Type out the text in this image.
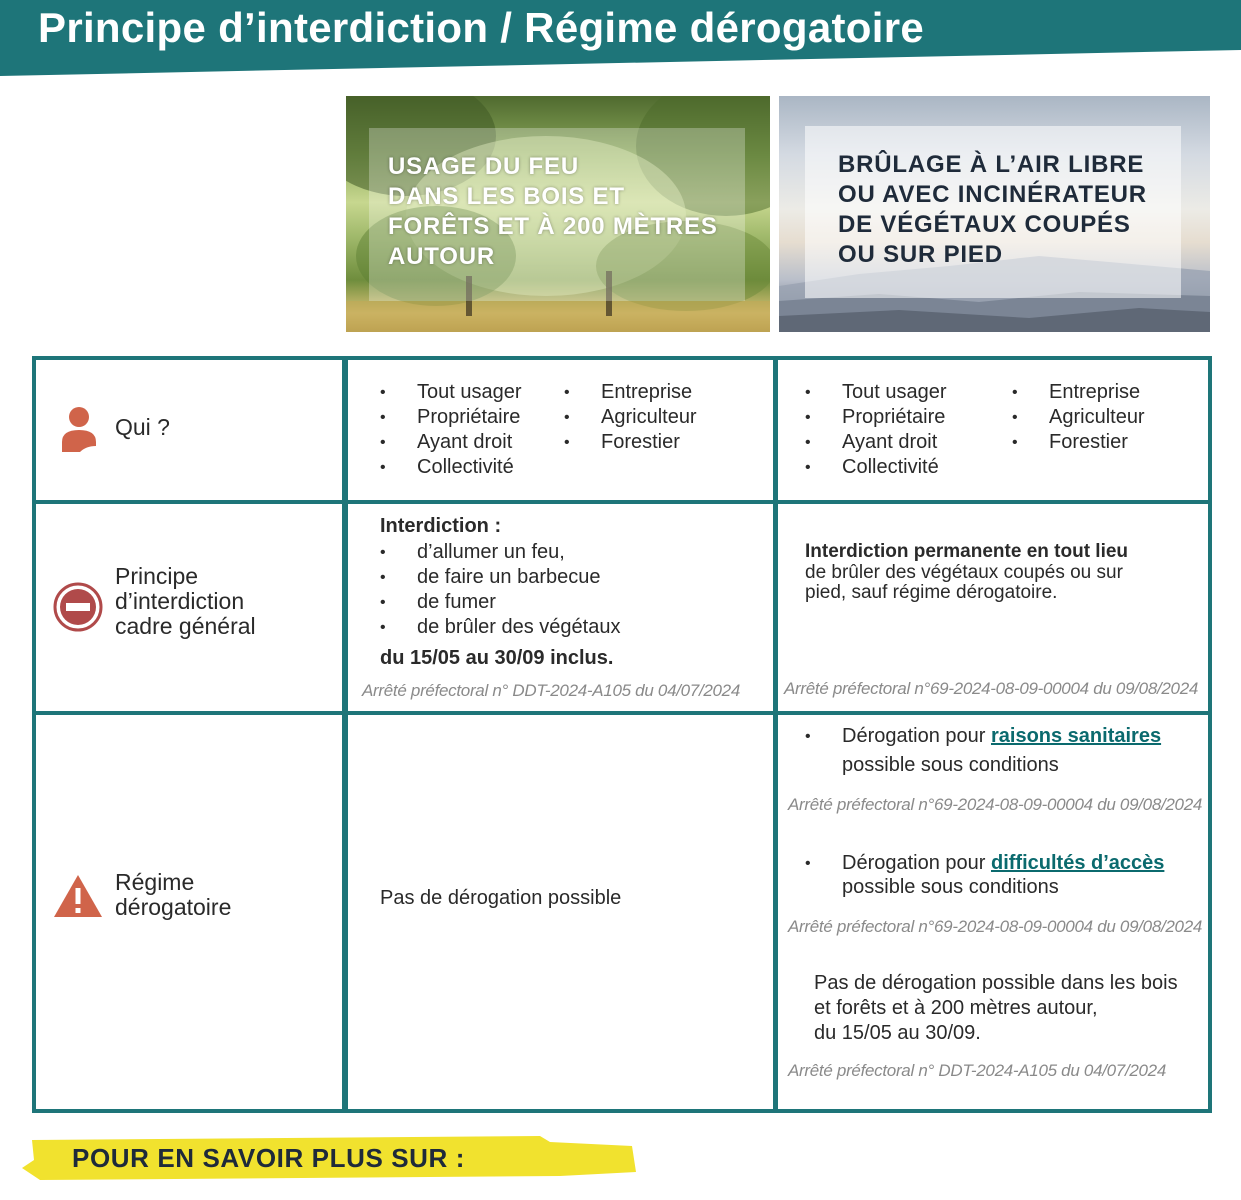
Principe d’interdiction / Régime dérogatoire
USAGE DU FEU
DANS LES BOIS ET
FORÊTS ET À 200 MÈTRES
AUTOUR
BRÛLAGE À L’AIR LIBRE
OU AVEC INCINÉRATEUR
DE VÉGÉTAUX COUPÉS
OU SUR PIED
Qui ?
• Tout usager
• Propriétaire
• Ayant droit
• Collectivité
• Entreprise
• Agriculteur
• Forestier
• Tout usager
• Propriétaire
• Ayant droit
• Collectivité
• Entreprise
• Agriculteur
• Forestier
Principe
d’interdiction
cadre général
Interdiction :
• d’allumer un feu,
• de faire un barbecue
• de fumer
• de brûler des végétaux
du 15/05 au 30/09 inclus.
Arrêté préfectoral n° DDT-2024-A105 du 04/07/2024
Interdiction permanente en tout lieu
de brûler des végétaux coupés ou sur
pied, sauf régime dérogatoire.
Arrêté préfectoral n°69-2024-08-09-00004 du 09/08/2024
Régime
dérogatoire	Pas de dérogation possible
• Dérogation pour raisons sanitaires
possible sous conditions
Arrêté préfectoral n°69-2024-08-09-00004 du 09/08/2024
• Dérogation pour difficultés d’accès
possible sous conditions
Arrêté préfectoral n°69-2024-08-09-00004 du 09/08/2024
Pas de dérogation possible dans les bois
et forêts et à 200 mètres autour,
du 15/05 au 30/09.
Arrêté préfectoral n° DDT-2024-A105 du 04/07/2024
POUR EN SAVOIR PLUS SUR :
